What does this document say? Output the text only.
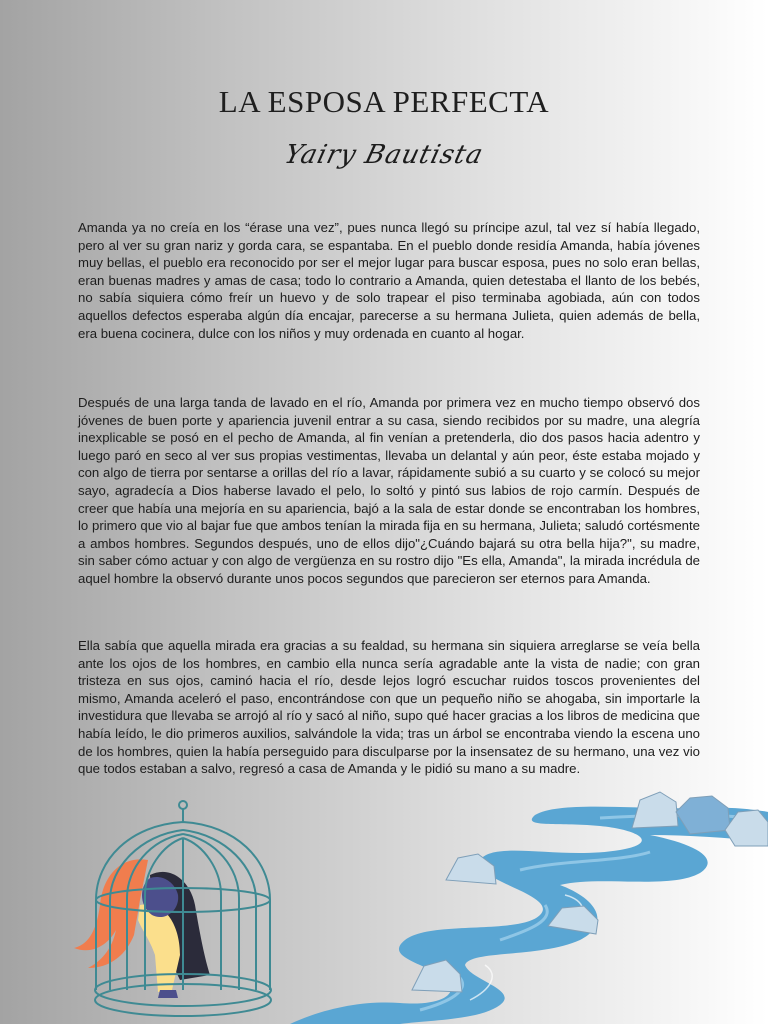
LA ESPOSA PERFECTA
Yairy Bautista

Amanda ya no creía en los “érase una vez”, pues nunca llegó su príncipe azul, tal vez sí había llegado, pero al ver su gran nariz y gorda cara, se espantaba. En el pueblo donde residía Amanda, había jóvenes muy bellas, el pueblo era reconocido por ser el mejor lugar para buscar esposa, pues no solo eran bellas, eran buenas madres y amas de casa; todo lo contrario a Amanda, quien detestaba el llanto de los bebés, no sabía siquiera cómo freír un huevo y de solo trapear el piso terminaba agobiada, aún con todos aquellos defectos esperaba algún día encajar, parecerse a su hermana Julieta, quien además de bella, era buena cocinera, dulce con los niños y muy ordenada en cuanto al hogar.

Después de una larga tanda de lavado en el río, Amanda por primera vez en mucho tiempo observó dos jóvenes de buen porte y apariencia juvenil entrar a su casa, siendo recibidos por su madre, una alegría inexplicable se posó en el pecho de Amanda, al fin venían a pretenderla, dio dos pasos hacia adentro y luego paró en seco al ver sus propias vestimentas, llevaba un delantal y aún peor, éste estaba mojado y con algo de tierra por sentarse a orillas del río a lavar, rápidamente subió a su cuarto y se colocó su mejor sayo, agradecía a Dios haberse lavado el pelo, lo soltó y pintó sus labios de rojo carmín. Después de creer que había una mejoría en su apariencia, bajó a la sala de estar donde se encontraban los hombres, lo primero que vio al bajar fue que ambos tenían la mirada fija en su hermana, Julieta; saludó cortésmente a ambos hombres. Segundos después, uno de ellos dijo"¿Cuándo bajará su otra bella hija?", su madre, sin saber cómo actuar y con algo de vergüenza en su rostro dijo "Es ella, Amanda", la mirada incrédula de aquel hombre la observó durante unos pocos segundos que parecieron ser eternos para Amanda.

Ella sabía que aquella mirada era gracias a su fealdad, su hermana sin siquiera arreglarse se veía bella ante los ojos de los hombres, en cambio ella nunca sería agradable ante la vista de nadie; con gran tristeza en sus ojos, caminó hacia el río, desde lejos logró escuchar ruidos toscos provenientes del mismo, Amanda aceleró el paso, encontrándose con que un pequeño niño se ahogaba, sin importarle la investidura que llevaba se arrojó al río y sacó al niño, supo qué hacer gracias a los libros de medicina que había leído, le dio primeros auxilios, salvándole la vida; tras un árbol se encontraba viendo la escena uno de los hombres, quien la había perseguido para disculparse por la insensatez de su hermano, una vez vio que todos estaban a salvo, regresó a casa de Amanda y le pidió su mano a su madre.
